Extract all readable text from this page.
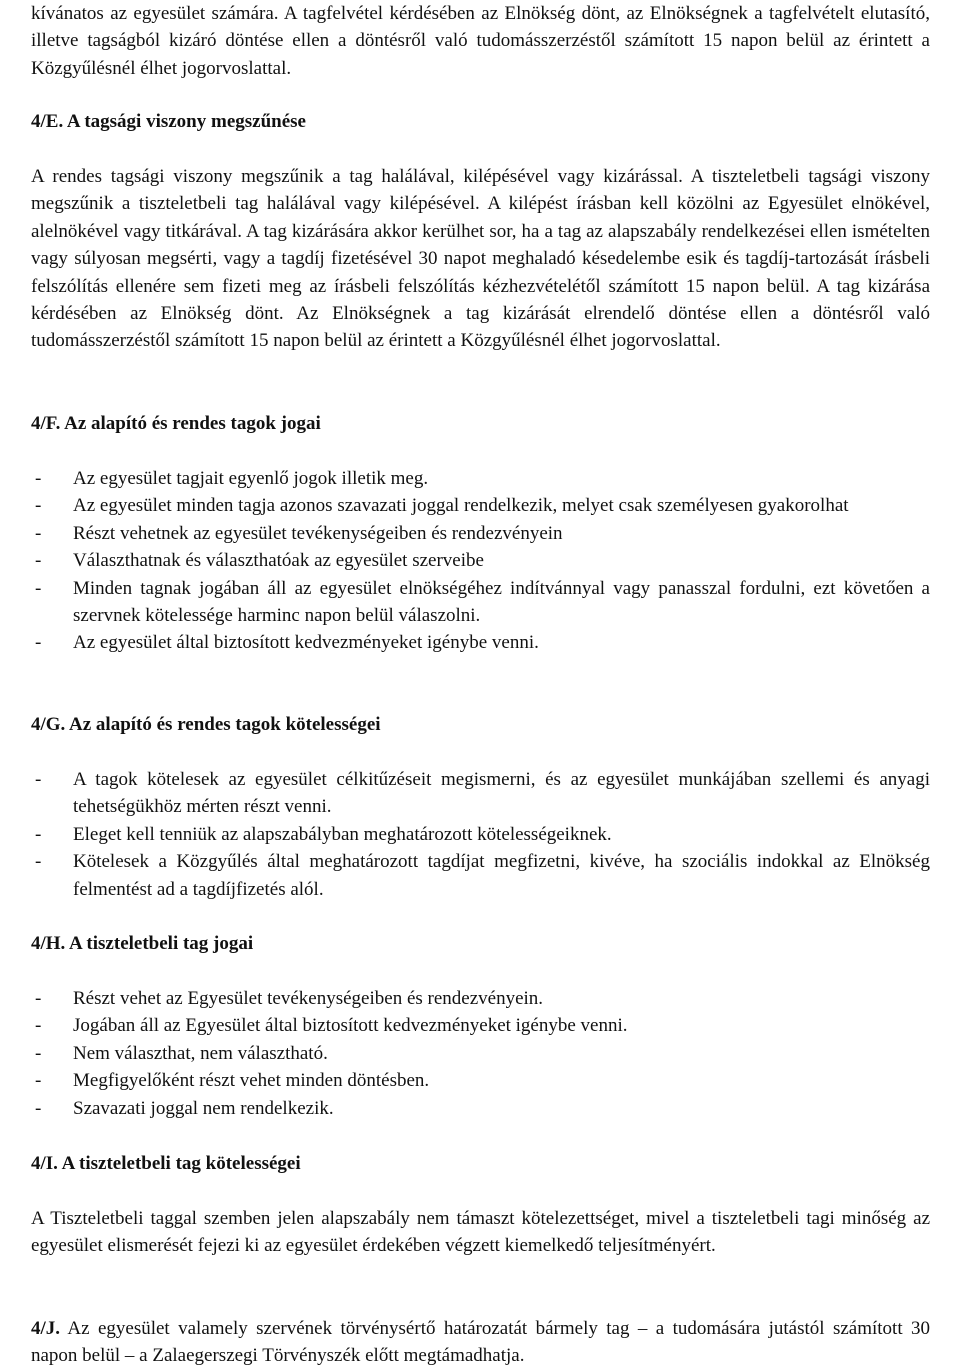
kívánatos az egyesület számára. A tagfelvétel kérdésében az Elnökség dönt, az Elnökségnek a tagfelvételt elutasító, illetve tagságból kizáró döntése ellen a döntésről való tudomásszerzéstől számított 15 napon belül az érintett a Közgyűlésnél élhet jogorvoslattal.

4/E. A tagsági viszony megszűnése

A rendes tagsági viszony megszűnik a tag halálával, kilépésével vagy kizárással. A tiszteletbeli tagsági viszony megszűnik a tiszteletbeli tag halálával vagy kilépésével. A kilépést írásban kell közölni az Egyesület elnökével, alelnökével vagy titkárával. A tag kizárására akkor kerülhet sor, ha a tag az alapszabály rendelkezései ellen ismételten vagy súlyosan megsérti, vagy a tagdíj fizetésével 30 napot meghaladó késedelembe esik és tagdíj-tartozását írásbeli felszólítás ellenére sem fizeti meg az írásbeli felszólítás kézhezvételétől számított 15 napon belül. A tag kizárása kérdésében az Elnökség dönt. Az Elnökségnek a tag kizárását elrendelő döntése ellen a döntésről való tudomásszerzéstől számított 15 napon belül az érintett a Közgyűlésnél élhet jogorvoslattal.

4/F. Az alapító és rendes tagok jogai
- Az egyesület tagjait egyenlő jogok illetik meg.
- Az egyesület minden tagja azonos szavazati joggal rendelkezik, melyet csak személyesen gyakorolhat
- Részt vehetnek az egyesület tevékenységeiben és rendezvényein
- Választhatnak és választhatóak az egyesület szerveibe
- Minden tagnak jogában áll az egyesület elnökségéhez indítvánnyal vagy panasszal fordulni, ezt követően a szervnek kötelessége harminc napon belül válaszolni.
- Az egyesület által biztosított kedvezményeket igénybe venni.
4/G. Az alapító és rendes tagok kötelességei
- A tagok kötelesek az egyesület célkitűzéseit megismerni, és az egyesület munkájában szellemi és anyagi tehetségükhöz mérten részt venni.
- Eleget kell tenniük az alapszabályban meghatározott kötelességeiknek.
- Kötelesek a Közgyűlés által meghatározott tagdíjat megfizetni, kivéve, ha szociális indokkal az Elnökség felmentést ad a tagdíjfizetés alól.
4/H. A tiszteletbeli tag jogai
- Részt vehet az Egyesület tevékenységeiben és rendezvényein.
- Jogában áll az Egyesület által biztosított kedvezményeket igénybe venni.
- Nem választhat, nem választható.
- Megfigyelőként részt vehet minden döntésben.
- Szavazati joggal nem rendelkezik.
4/I. A tiszteletbeli tag kötelességei

A Tiszteletbeli taggal szemben jelen alapszabály nem támaszt kötelezettséget, mivel a tiszteletbeli tagi minőség az egyesület elismerését fejezi ki az egyesület érdekében végzett kiemelkedő teljesítményért.

4/J. Az egyesület valamely szervének törvénysértő határozatát bármely tag – a tudomására jutástól számított 30 napon belül – a Zalaegerszegi Törvényszék előtt megtámadhatja.
